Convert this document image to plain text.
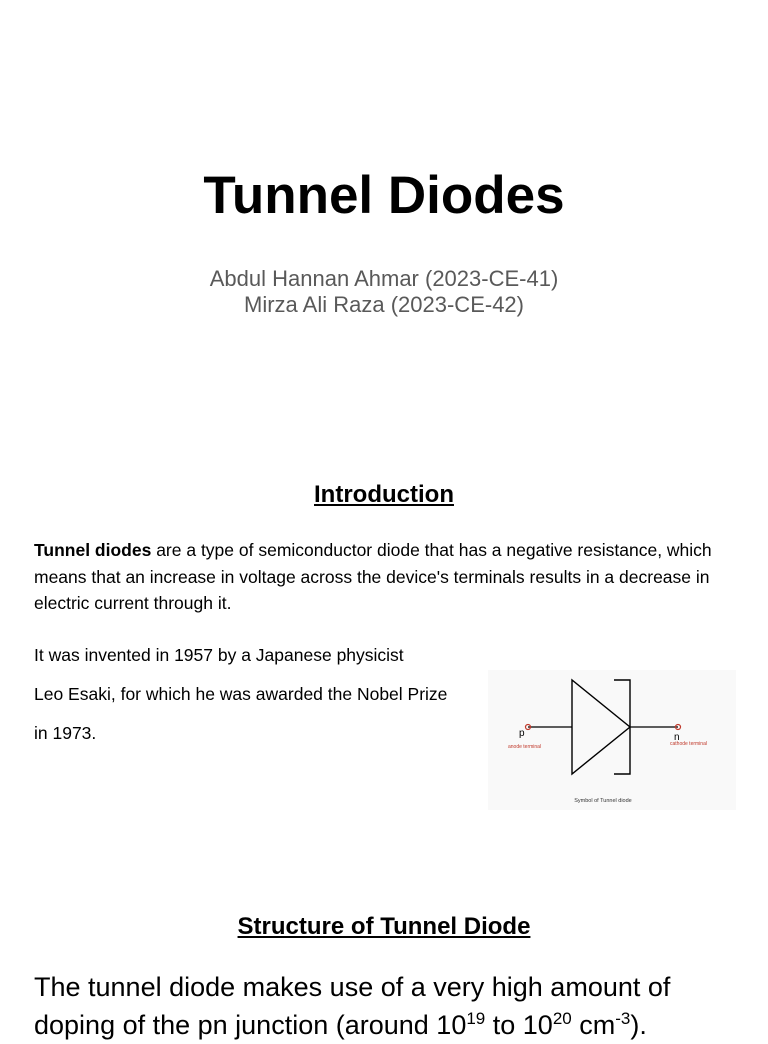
Tunnel Diodes
Abdul Hannan Ahmar (2023-CE-41)
Mirza Ali Raza (2023-CE-42)
Introduction

Tunnel diodes are a type of semiconductor diode that has a negative resistance, which means that an increase in voltage across the device's terminals results in a decrease in electric current through it.

It was invented in 1957 by a Japanese physicist

Leo Esaki, for which he was awarded the Nobel Prize

in 1973.	p	n
anode terminal	cathode terminal
Symbol of Tunnel diode
Structure of Tunnel Diode

The tunnel diode makes use of a very high amount of doping of the pn junction (around $10^{19}$ to $10^{20}$ $cm^{-3}$).
